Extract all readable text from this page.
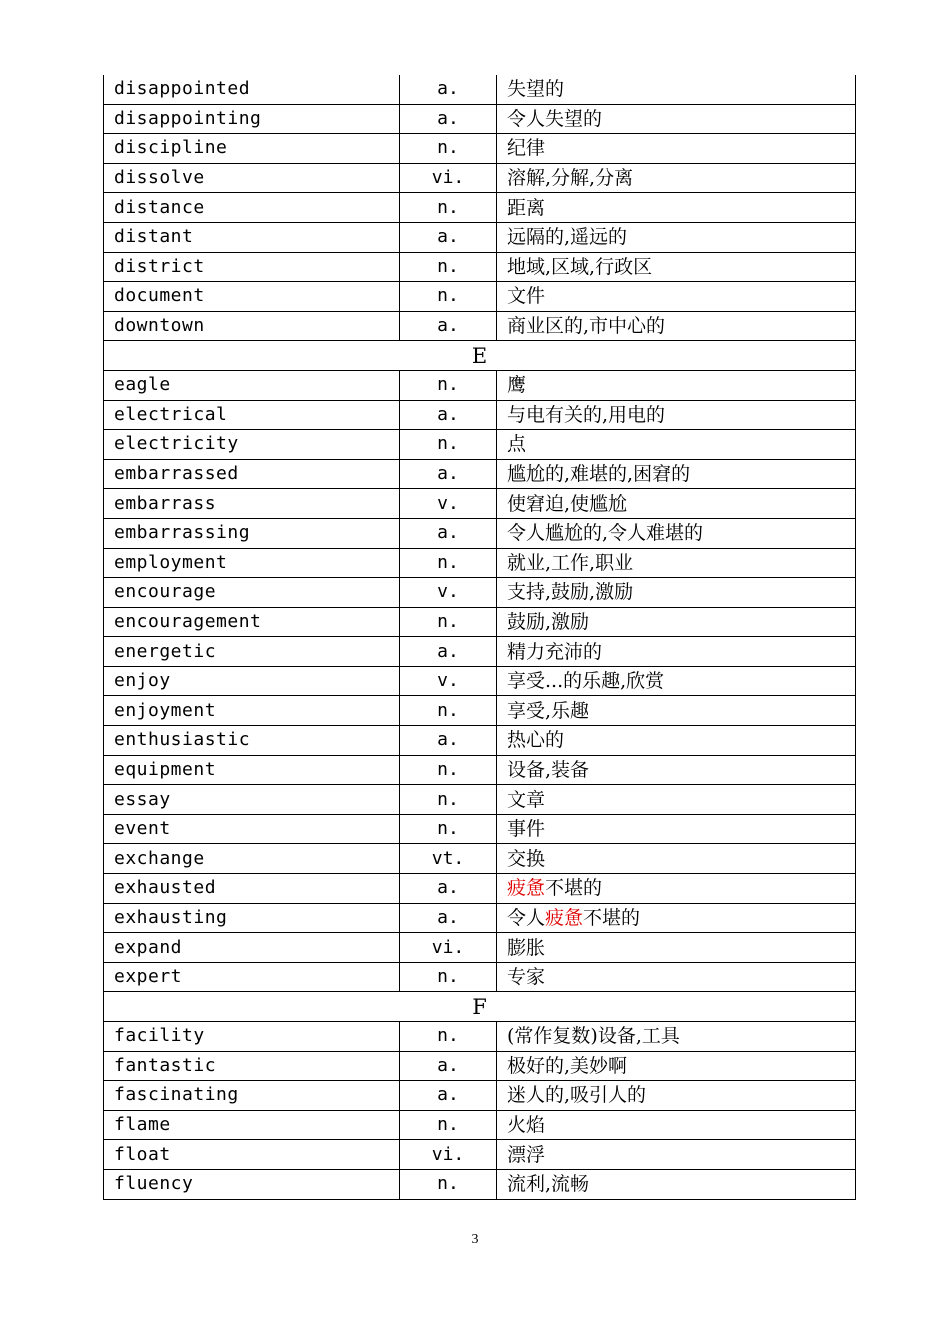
disappointed	a.	失望的
disappointing	a.	令人失望的
discipline	n.	纪律
dissolve	vi.	溶解,分解,分离
distance	n.	距离
distant	a.	远隔的,遥远的
district	n.	地域,区域,行政区
document	n.	文件
downtown	a.	商业区的,市中心的
E		
eagle	n.	鹰
electrical	a.	与电有关的,用电的
electricity	n.	点
embarrassed	a.	尴尬的,难堪的,困窘的
embarrass	v.	使窘迫,使尴尬
embarrassing	a.	令人尴尬的,令人难堪的
employment	n.	就业,工作,职业
encourage	v.	支持,鼓励,激励
encouragement	n.	鼓励,激励
energetic	a.	精力充沛的
enjoy	v.	享受...的乐趣,欣赏
enjoyment	n.	享受,乐趣
enthusiastic	a.	热心的
equipment	n.	设备,装备
essay	n.	文章
event	n.	事件
exchange	vt.	交换
exhausted	a.	疲惫不堪的
exhausting	a.	令人疲惫不堪的
expand	vi.	膨胀
expert	n.	专家
F		
facility	n.	(常作复数)设备,工具
fantastic	a.	极好的,美妙啊
fascinating	a.	迷人的,吸引人的
flame	n.	火焰
float	vi.	漂浮
fluency	n.	流利,流畅
3
